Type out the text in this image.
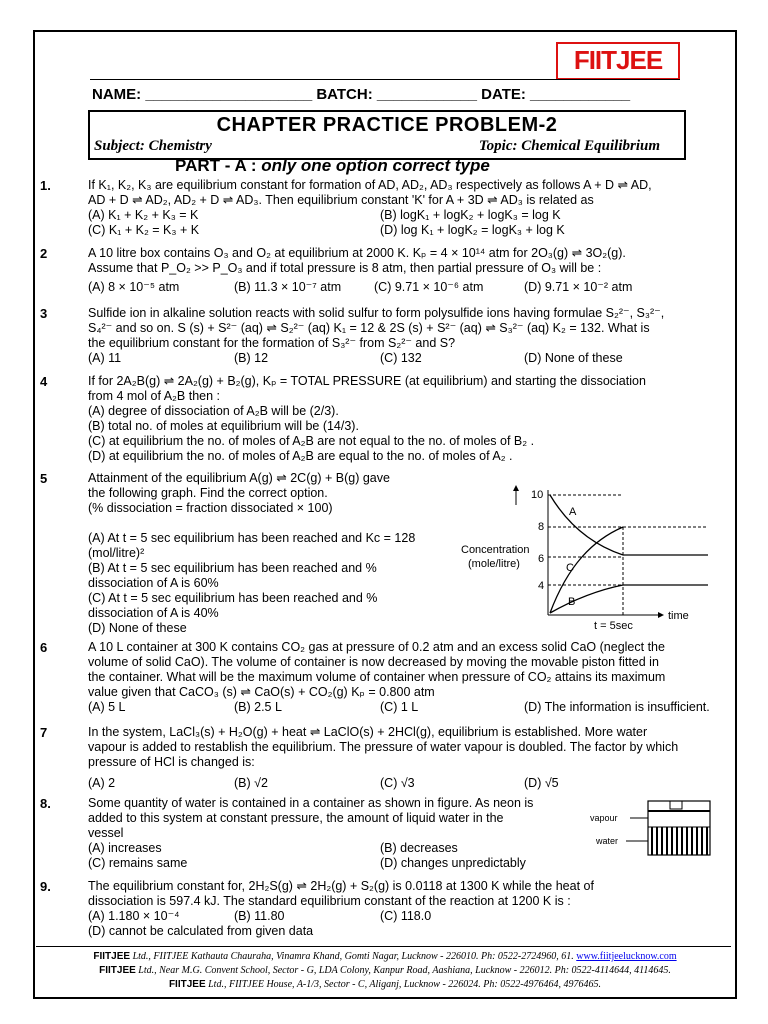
FIITJEE
NAME: ____________________ BATCH: ____________ DATE: ____________
CHAPTER PRACTICE PROBLEM-2
Subject: Chemistry	Topic: Chemical Equilibrium
PART - A : only one option correct type
1.	If K₁, K₂, K₃ are equilibrium constant for formation of AD, AD₂, AD₃ respectively as follows A + D ⇌ AD,
AD + D ⇌ AD₂, AD₂ + D ⇌ AD₃. Then equilibrium constant 'K' for A + 3D ⇌ AD₃ is related as
(A) K₁ + K₂ + K₃ = K	(B) logK₁ + logK₂ + logK₃ = log K
(C) K₁ + K₂ = K₃ + K	(D) log K₁ + logK₂ = logK₃ + log K
2	A 10 litre box contains O₃ and O₂ at equilibrium at 2000 K. Kₚ = 4 × 10¹⁴ atm for 2O₃(g) ⇌ 3O₂(g).
Assume that P_O₂ >> P_O₃ and if total pressure is 8 atm, then partial pressure of O₃ will be :
(A) 8 × 10⁻⁵ atm	(B) 11.3 × 10⁻⁷ atm	(C) 9.71 × 10⁻⁶ atm	(D) 9.71 × 10⁻² atm
3	Sulfide ion in alkaline solution reacts with solid sulfur to form polysulfide ions having formulae S₂²⁻, S₃²⁻,
S₄²⁻ and so on. S (s) + S²⁻ (aq) ⇌ S₂²⁻ (aq) K₁ = 12 & 2S (s) + S²⁻ (aq) ⇌ S₃²⁻ (aq) K₂ = 132. What is
the equilibrium constant for the formation of S₃²⁻ from S₂²⁻ and S?
(A) 11	(B) 12	(C) 132	(D) None of these
4	If for 2A₂B(g) ⇌ 2A₂(g) + B₂(g), Kₚ = TOTAL PRESSURE (at equilibrium) and starting the dissociation
from 4 mol of A₂B then :
(A) degree of dissociation of A₂B will be (2/3).
(B) total no. of moles at equilibrium will be (14/3).
(C) at equilibrium the no. of moles of A₂B are not equal to the no. of moles of B₂ .
(D) at equilibrium the no. of moles of A₂B are equal to the no. of moles of A₂ .
5	Attainment of the equilibrium A(g) ⇌ 2C(g) + B(g) gave
the following graph. Find the correct option.
(% dissociation = fraction dissociated × 100)
(A) At t = 5 sec equilibrium has been reached and Kc = 128
(mol/litre)²
(B) At t = 5 sec equilibrium has been reached and %
dissociation of A is 60%
(C) At t = 5 sec equilibrium has been reached and %
dissociation of A is 40%
(D) None of these
10
8
6
4
A
C
B
Concentration
(mole/litre)
t = 5sec
time
6	A 10 L container at 300 K contains CO₂ gas at pressure of 0.2 atm and an excess solid CaO (neglect the
volume of solid CaO). The volume of container is now decreased by moving the movable piston fitted in
the container. What will be the maximum volume of container when pressure of CO₂ attains its maximum
value given that CaCO₃ (s) ⇌ CaO(s) + CO₂(g) Kₚ = 0.800 atm
(A) 5 L	(B) 2.5 L	(C) 1 L	(D) The information is insufficient.
7	In the system, LaCl₃(s) + H₂O(g) + heat ⇌ LaClO(s) + 2HCl(g), equilibrium is established. More water
vapour is added to restablish the equilibrium. The pressure of water vapour is doubled. The factor by which
pressure of HCl is changed is:
(A) 2	(B) √2	(C) √3	(D) √5
8.	Some quantity of water is contained in a container as shown in figure. As neon is
added to this system at constant pressure, the amount of liquid water in the
vessel
(A) increases	(B) decreases
(C) remains same	(D) changes unpredictably
vapour
water
9.	The equilibrium constant for, 2H₂S(g) ⇌ 2H₂(g) + S₂(g) is 0.0118 at 1300 K while the heat of
dissociation is 597.4 kJ. The standard equilibrium constant of the reaction at 1200 K is :
(A) 1.180 × 10⁻⁴	(B) 11.80	(C) 118.0
(D) cannot be calculated from given data
FIITJEE Ltd., FIITJEE Kathauta Chauraha, Vinamra Khand, Gomti Nagar, Lucknow - 226010. Ph: 0522-2724960, 61. www.fiitjeelucknow.com
FIITJEE Ltd., Near M.G. Convent School, Sector - G, LDA Colony, Kanpur Road, Aashiana, Lucknow - 226012. Ph: 0522-4114644, 4114645.
FIITJEE Ltd., FIITJEE House, A-1/3, Sector - C, Aliganj, Lucknow - 226024. Ph: 0522-4976464, 4976465.
